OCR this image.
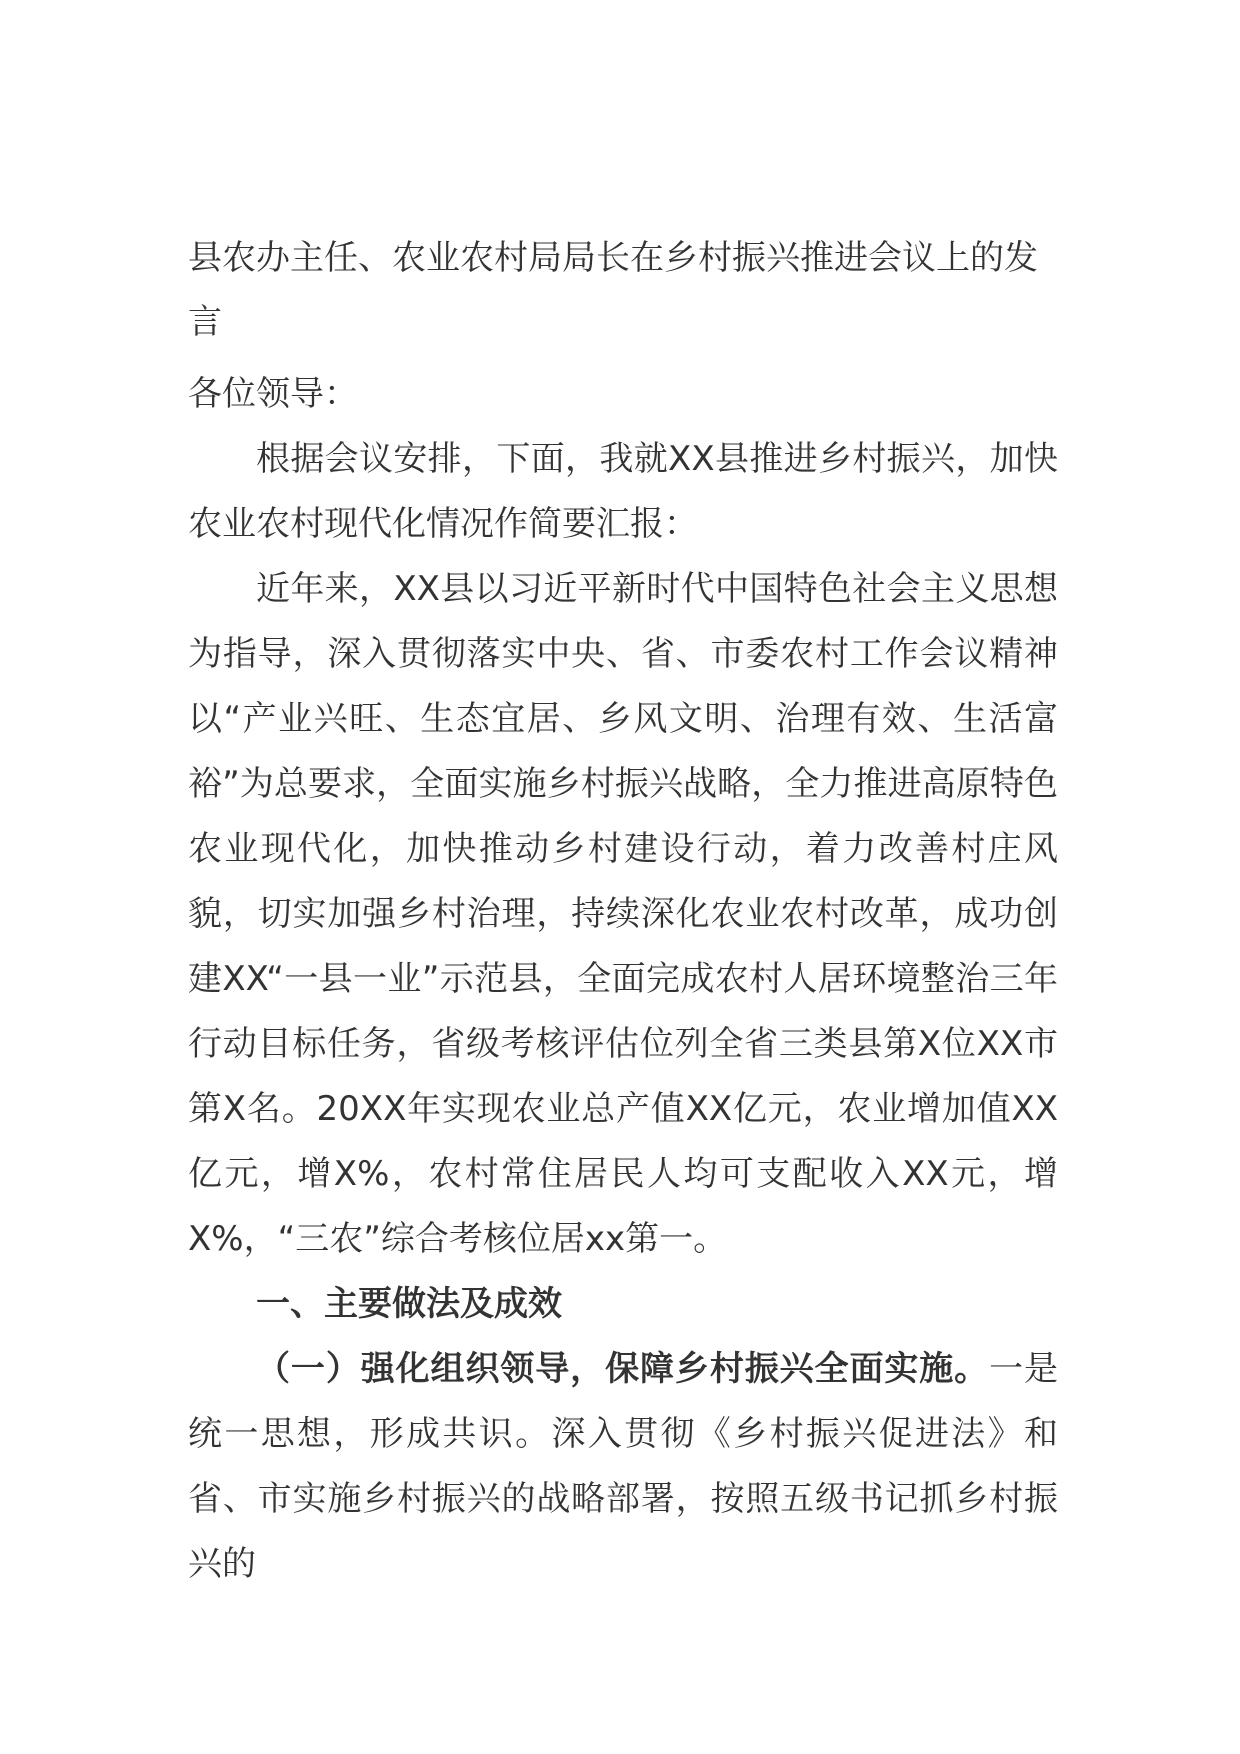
县农办主任、农业农村局局长在乡村振兴推进会议上的发言

各位领导：

根据会议安排，下面，我就XX县推进乡村振兴，加快农业农村现代化情况作简要汇报：

近年来，XX县以习近平新时代中国特色社会主义思想为指导，深入贯彻落实中央、省、市委农村工作会议精神以“产业兴旺、生态宜居、乡风文明、治理有效、生活富裕”为总要求，全面实施乡村振兴战略，全力推进高原特色农业现代化，加快推动乡村建设行动，着力改善村庄风貌，切实加强乡村治理，持续深化农业农村改革，成功创建XX“一县一业”示范县，全面完成农村人居环境整治三年行动目标任务，省级考核评估位列全省三类县第X位XX市第X名。20XX年实现农业总产值XX亿元，农业增加值XX亿元，增X%，农村常住居民人均可支配收入XX元，增X%，“三农”综合考核位居xx第一。

一、主要做法及成效

（一）强化组织领导，保障乡村振兴全面实施。一是统一思想，形成共识。深入贯彻《乡村振兴促进法》和省、市实施乡村振兴的战略部署，按照五级书记抓乡村振兴的
